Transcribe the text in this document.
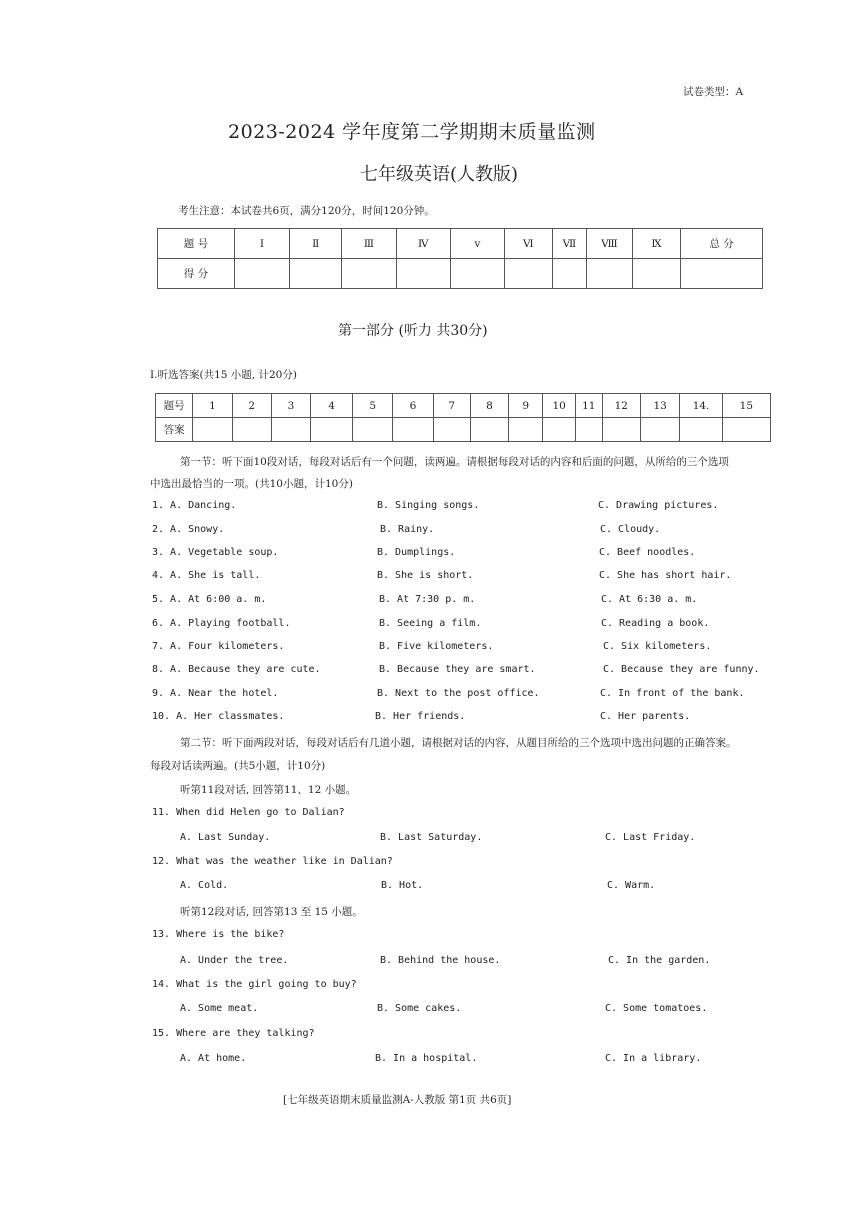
试卷类型：A
2023-2024 学年度第二学期期末质量监测
七年级英语(人教版)
考生注意：本试卷共6页，满分120分，时间120分钟。
题 号	Ⅰ	Ⅱ	Ⅲ	Ⅳ	v	Ⅵ	Ⅶ	Ⅷ	Ⅸ	总 分
得 分										
第一部分 (听力 共30分)
Ⅰ.听选答案(共15 小题, 计20分)
题号	1	2	3	4	5	6	7	8	9	10	11	12	13	14.	15
答案															
第一节：听下面10段对话，每段对话后有一个问题，读两遍。请根据每段对话的内容和后面的问题，从所给的三个选项
中选出最恰当的一项。(共10小题，计10分)
1. A. Dancing.	B. Singing songs.	C. Drawing pictures.
2. A. Snowy.	B. Rainy.	C. Cloudy.
3. A. Vegetable soup.	B. Dumplings.	C. Beef noodles.
4. A. She is tall.	B. She is short.	C. She has short hair.
5. A. At 6:00 a. m.	B. At 7:30 p. m.	C. At 6:30 a. m.
6. A. Playing football.	B. Seeing a film.	C. Reading a book.
7. A. Four kilometers.	B. Five kilometers.	C. Six kilometers.
8. A. Because they are cute.	B. Because they are smart.	C. Because they are funny.
9. A. Near the hotel.	B. Next to the post office.	C. In front of the bank.
10. A. Her classmates.	B. Her friends.	C. Her parents.
第二节：听下面两段对话，每段对话后有几道小题，请根据对话的内容，从题目所给的三个选项中选出问题的正确答案。
每段对话读两遍。(共5小题，计10分)
听第11段对话, 回答第11、12 小题。
11. When did Helen go to Dalian?
A. Last Sunday.	B. Last Saturday.	C. Last Friday.
12. What was the weather like in Dalian?
A. Cold.	B. Hot.	C. Warm.
听第12段对话, 回答第13 至 15 小题。
13. Where is the bike?
A. Under the tree.	B. Behind the house.	C. In the garden.
14. What is the girl going to buy?
A. Some meat.	B. Some cakes.	C. Some tomatoes.
15. Where are they talking?
A. At home.	B. In a hospital.	C. In a library.
[七年级英语期末质量监测A-人教版 第1页 共6页]
